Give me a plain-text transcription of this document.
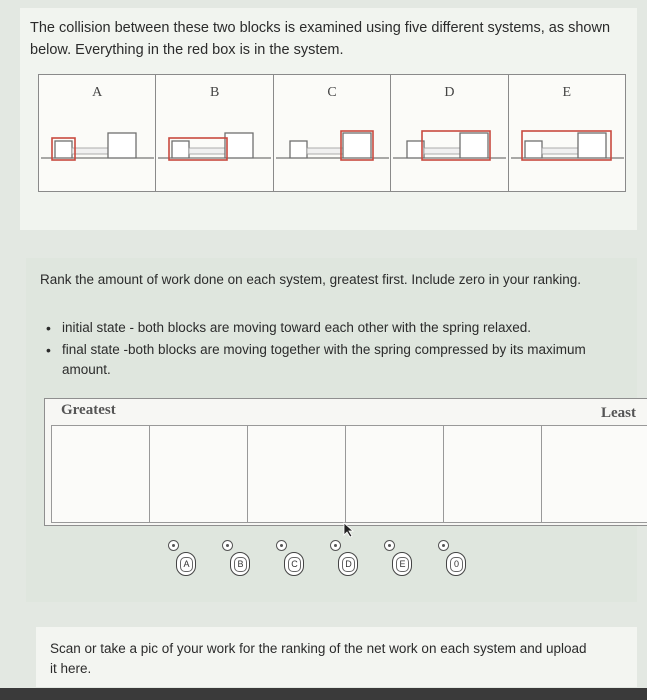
The collision between these two blocks is examined using five different systems, as shown below. Everything in the red box is in the system.
A	B	C	D	E
Rank the amount of work done on each system, greatest first. Include zero in your ranking.
• initial state - both blocks are moving toward each other with the spring relaxed.
• final state -both blocks are moving together with the spring compressed by its maximum amount.
Greatest	Least
A	B	C	D	E	0
Scan or take a pic of your work for the ranking of the net work on each system and upload it here.
